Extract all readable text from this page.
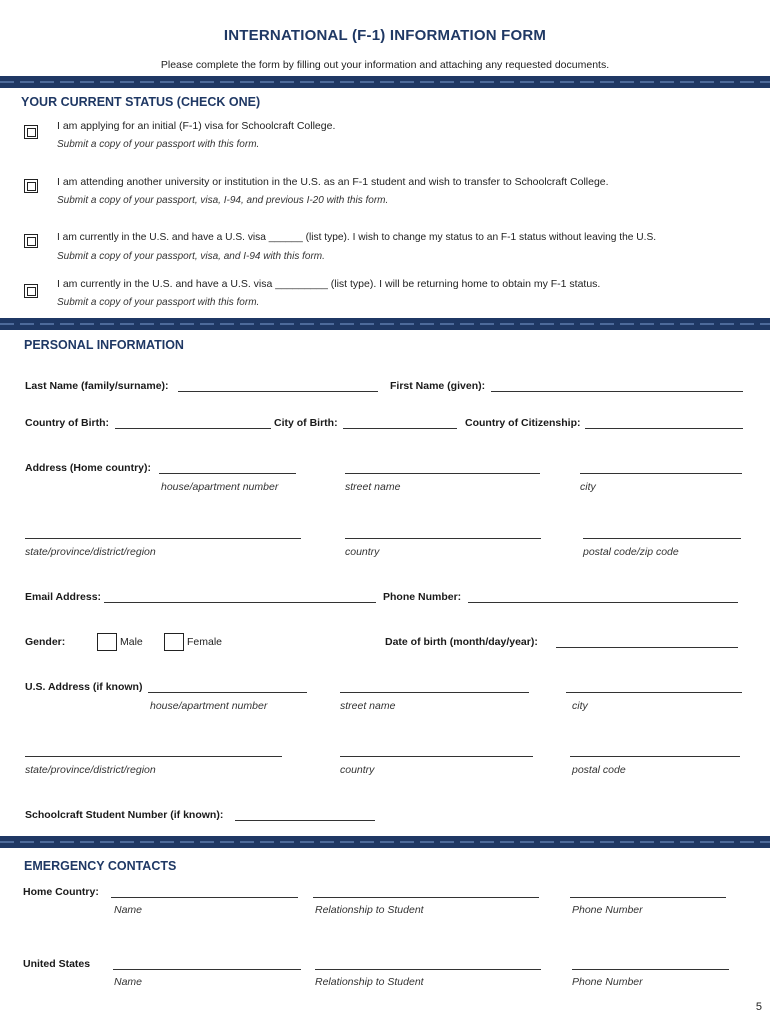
INTERNATIONAL (F-1) INFORMATION FORM
Please complete the form by filling out your information and attaching any requested documents.
YOUR CURRENT STATUS (CHECK ONE)
I am applying for an initial (F-1) visa for Schoolcraft College.
Submit a copy of your passport with this form.
I am attending another university or institution in the U.S. as an F-1 student and wish to transfer to Schoolcraft College.
Submit a copy of your passport, visa, I-94, and previous I-20 with this form.
I am currently in the U.S. and have a U.S. visa ______ (list type). I wish to change my status to an F-1 status without leaving the U.S.
Submit a copy of your passport, visa, and I-94 with this form.
I am currently in the U.S. and have a U.S. visa _________ (list type). I will be returning home to obtain my F-1 status.
Submit a copy of your passport with this form.
PERSONAL INFORMATION
Last Name (family/surname):	First Name (given):
Country of Birth:	City of Birth:	Country of Citizenship:
Address (Home country):
house/apartment number	street name	city
state/province/district/region	country	postal code/zip code
Email Address:	Phone Number:
Gender:	Male	Female	Date of birth (month/day/year):
U.S. Address (if known)
house/apartment number	street name	city
state/province/district/region	country	postal code
Schoolcraft Student Number (if known):
EMERGENCY CONTACTS
Home Country:
Name	Relationship to Student	Phone Number
United States
Name	Relationship to Student	Phone Number
5
